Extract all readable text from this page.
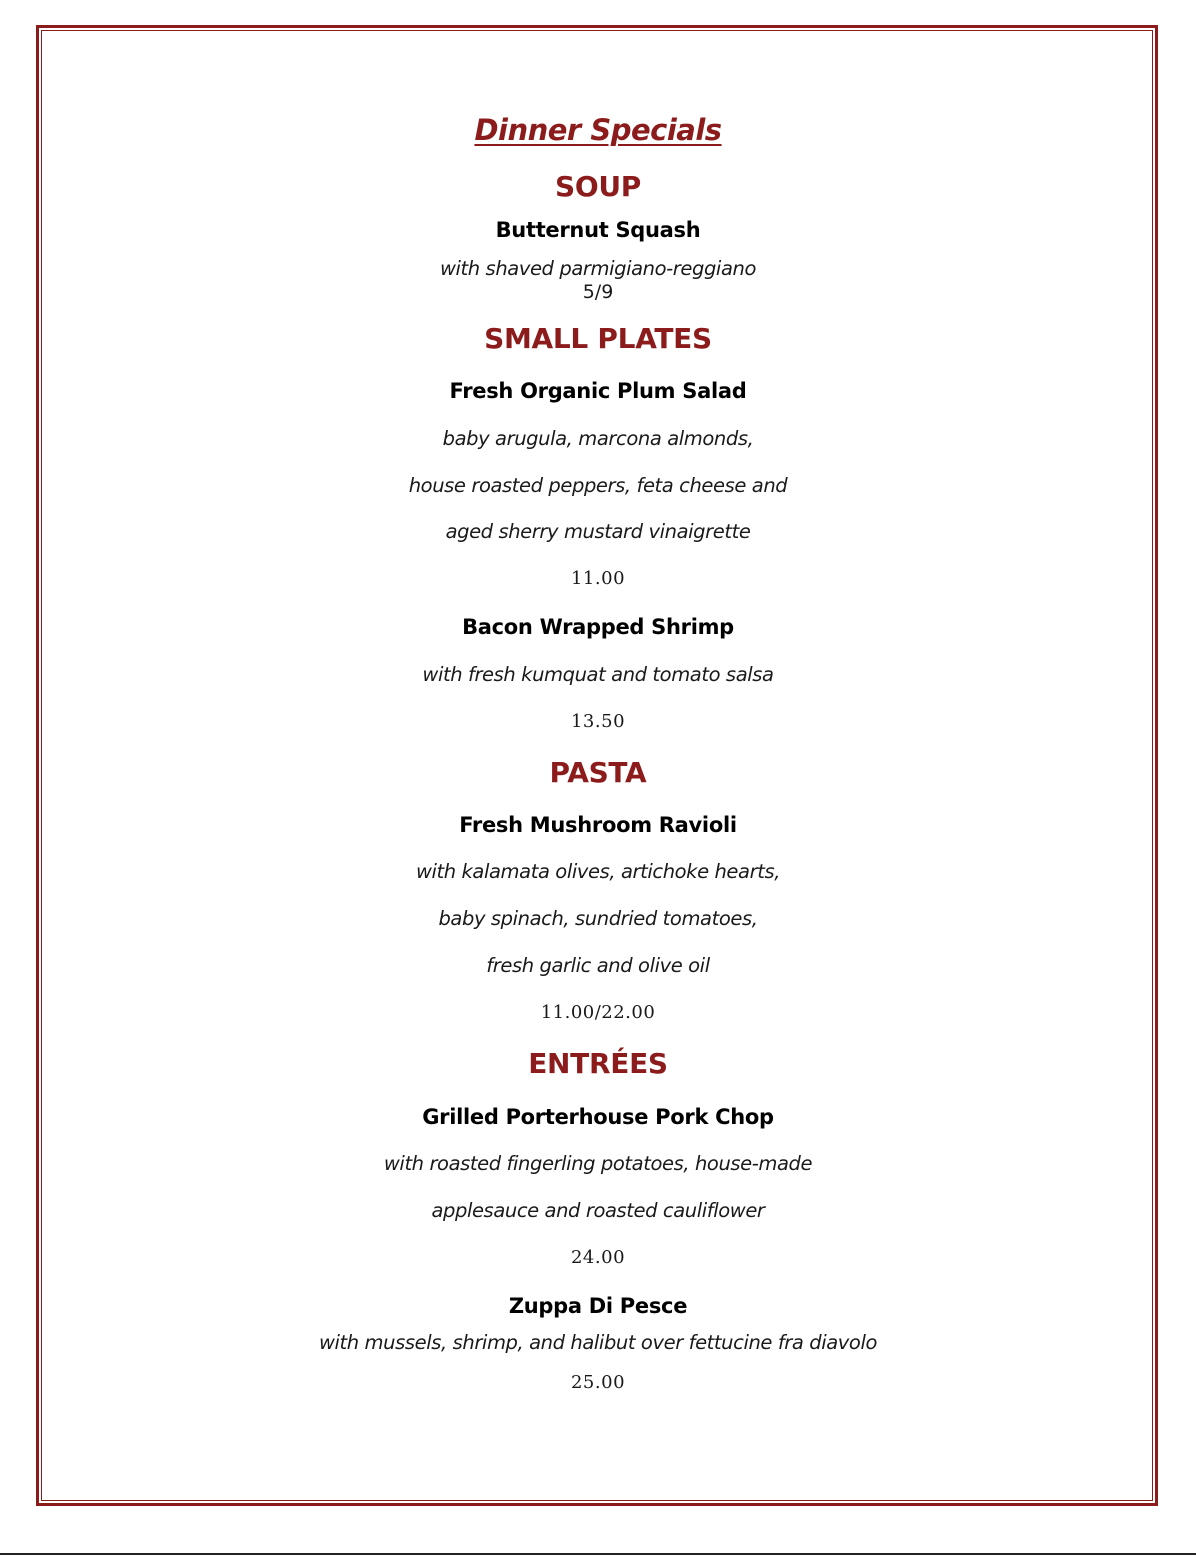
Dinner Specials
SOUP
Butternut Squash
with shaved parmigiano-reggiano
5/9
SMALL PLATES
Fresh Organic Plum Salad
baby arugula, marcona almonds,
house roasted peppers, feta cheese and
aged sherry mustard vinaigrette
11.00
Bacon Wrapped Shrimp
with fresh kumquat and tomato salsa
13.50
PASTA
Fresh Mushroom Ravioli
with kalamata olives, artichoke hearts,
baby spinach, sundried tomatoes,
fresh garlic and olive oil
11.00/22.00
ENTRÉES
Grilled Porterhouse Pork Chop
with roasted fingerling potatoes, house-made
applesauce and roasted cauliflower
24.00
Zuppa Di Pesce
with mussels, shrimp, and halibut over fettucine fra diavolo
25.00
